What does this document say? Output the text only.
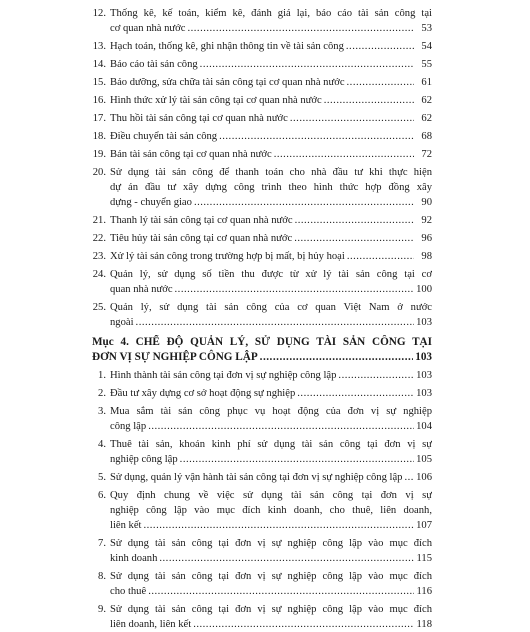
12. Thống kê, kế toán, kiểm kê, đánh giá lại, báo cáo tài sản công tại
cơ quan nhà nước .....	53
13. Hạch toán, thống kê, ghi nhận thông tin về tài sản công .....	54
14. Báo cáo tài sản công .....	55
15. Bảo dưỡng, sửa chữa tài sản công tại cơ quan nhà nước .....	61
16. Hình thức xử lý tài sản công tại cơ quan nhà nước .....	62
17. Thu hồi tài sản công tại cơ quan nhà nước .....	62
18. Điều chuyển tài sản công .....	68
19. Bán tài sản công tại cơ quan nhà nước .....	72
20. Sử dụng tài sản công để thanh toán cho nhà đầu tư khi thực hiện
dự án đầu tư xây dựng công trình theo hình thức hợp đồng xây
dựng - chuyển giao .....	90
21. Thanh lý tài sản công tại cơ quan nhà nước .....	92
22. Tiêu hủy tài sản công tại cơ quan nhà nước .....	96
23. Xử lý tài sản công trong trường hợp bị mất, bị hủy hoại .....	98
24. Quản lý, sử dụng số tiền thu được từ xử lý tài sản công tại cơ
quan nhà nước .....	100
25. Quản lý, sử dụng tài sản công của cơ quan Việt Nam ở nước
ngoài .....	103
Mục 4. CHẾ ĐỘ QUẢN LÝ, SỬ DỤNG TÀI SẢN CÔNG TẠI
ĐƠN VỊ SỰ NGHIỆP CÔNG LẬP .....	103
1. Hình thành tài sản công tại đơn vị sự nghiệp công lập .....	103
2. Đầu tư xây dựng cơ sở hoạt động sự nghiệp .....	103
3. Mua sắm tài sản công phục vụ hoạt động của đơn vị sự nghiệp
công lập .....	104
4. Thuê tài sản, khoán kinh phí sử dụng tài sản công tại đơn vị sự
nghiệp công lập .....	105
5. Sử dụng, quản lý vận hành tài sản công tại đơn vị sự nghiệp công lập ..... 106
6. Quy định chung về việc sử dụng tài sản công tại đơn vị sự
nghiệp công lập vào mục đích kinh doanh, cho thuê, liên doanh,
liên kết .....	107
7. Sử dụng tài sản công tại đơn vị sự nghiệp công lập vào mục đích
kinh doanh .....	115
8. Sử dụng tài sản công tại đơn vị sự nghiệp công lập vào mục đích
cho thuê .....	116
9. Sử dụng tài sản công tại đơn vị sự nghiệp công lập vào mục đích
liên doanh, liên kết .....	118
